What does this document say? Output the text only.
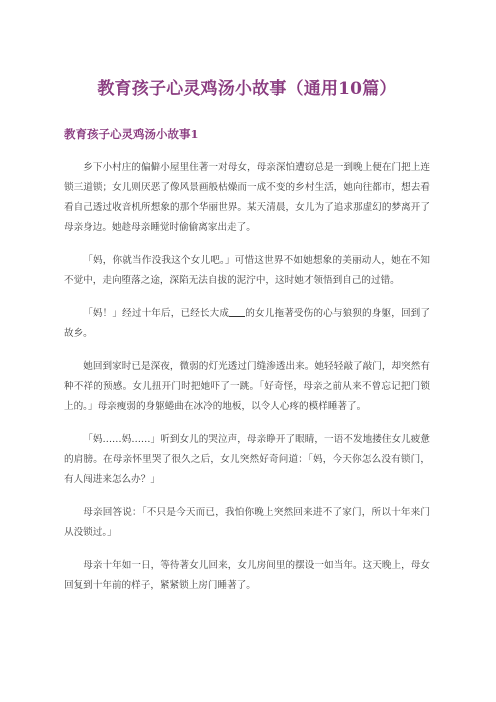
教育孩子心灵鸡汤小故事（通用10篇）
教育孩子心灵鸡汤小故事1

乡下小村庄的偏僻小屋里住著一对母女，母亲深怕遭窃总是一到晚上便在门把上连锁三道锁；女儿则厌恶了像风景画般枯燥而一成不变的乡村生活，她向往都市，想去看看自己透过收音机所想象的那个华丽世界。某天清晨，女儿为了追求那虚幻的梦离开了母亲身边。她趁母亲睡觉时偷偷离家出走了。

「妈，你就当作没我这个女儿吧。」可惜这世界不如她想象的美丽动人，她在不知不觉中，走向堕落之途，深陷无法自拔的泥泞中，这时她才领悟到自己的过错。

「妈！」经过十年后，已经长大成 的女儿拖著受伤的心与狼狈的身躯，回到了故乡。

她回到家时已是深夜，微弱的灯光透过门缝渗透出来。她轻轻敲了敲门，却突然有种不祥的预感。女儿扭开门时把她吓了一跳。「好奇怪，母亲之前从来不曾忘记把门锁上的。」母亲瘦弱的身躯蜷曲在冰冷的地板，以令人心疼的模样睡著了。

「妈……妈……」听到女儿的哭泣声，母亲睁开了眼睛，一语不发地搂住女儿疲惫的肩膀。在母亲怀里哭了很久之后，女儿突然好奇问道：「妈，今天你怎么没有锁门，有人闯进来怎么办？」

母亲回答说：「不只是今天而已，我怕你晚上突然回来进不了家门，所以十年来门从没锁过。」

母亲十年如一日，等待著女儿回来，女儿房间里的摆设一如当年。这天晚上，母女回复到十年前的样子，紧紧锁上房门睡著了。
